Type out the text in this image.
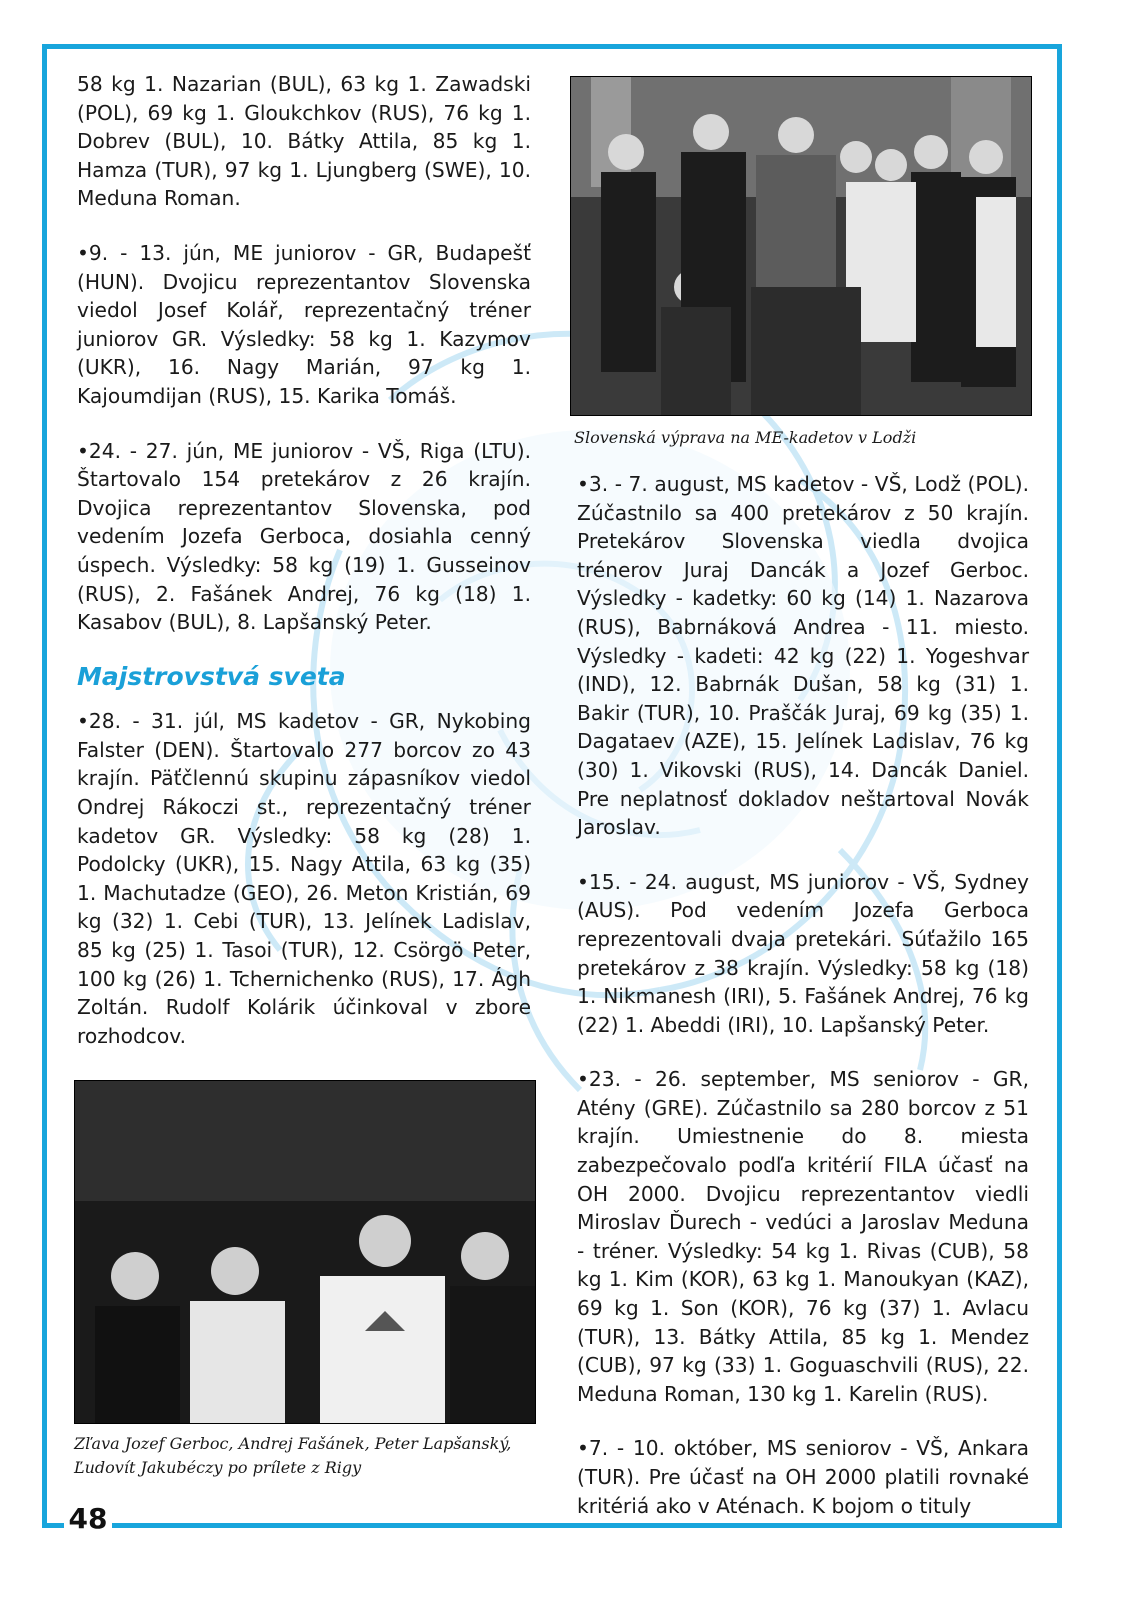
48

58 kg 1. Nazarian (BUL), 63 kg 1. Zawadski (POL), 69 kg 1. Gloukchkov (RUS), 76 kg 1. Dobrev (BUL), 10. Bátky Attila, 85 kg 1. Hamza (TUR), 97 kg 1. Ljungberg (SWE), 10. Meduna Roman.

•9. - 13. jún, ME juniorov - GR, Budapešť (HUN). Dvojicu reprezentantov Slovenska viedol Josef Kolář, reprezentačný tréner juniorov GR. Výsledky: 58 kg 1. Kazymov (UKR), 16. Nagy Marián, 97 kg 1. Kajoumdijan (RUS), 15. Karika Tomáš.

•24. - 27. jún, ME juniorov - VŠ, Riga (LTU). Štartovalo 154 pretekárov z 26 krajín. Dvojica reprezentantov Slovenska, pod vedením Jozefa Gerboca, dosiahla cenný úspech. Výsledky: 58 kg (19) 1. Gusseinov (RUS), 2. Fašánek Andrej, 76 kg (18) 1. Kasabov (BUL), 8. Lapšanský Peter.

Majstrovstvá sveta

•28. - 31. júl, MS kadetov - GR, Nykobing Falster (DEN). Štartovalo 277 borcov zo 43 krajín. Päťčlennú skupinu zápasníkov viedol Ondrej Rákoczi st., reprezentačný tréner kadetov GR. Výsledky: 58 kg (28) 1. Podolcky (UKR), 15. Nagy Attila, 63 kg (35) 1. Machutadze (GEO), 26. Meton Kristián, 69 kg (32) 1. Cebi (TUR), 13. Jelínek Ladislav, 85 kg (25) 1. Tasoi (TUR), 12. Csörgö Peter, 100 kg (26) 1. Tchernichenko (RUS), 17. Ágh Zoltán. Rudolf Kolárik účinkoval v zbore rozhodcov.

•3. - 7. august, MS kadetov - VŠ, Lodž (POL). Zúčastnilo sa 400 pretekárov z 50 krajín. Pretekárov Slovenska viedla dvojica trénerov Juraj Dancák a Jozef Gerboc. Výsledky - kadetky: 60 kg (14) 1. Nazarova (RUS), Babrnáková Andrea - 11. miesto. Výsledky - kadeti: 42 kg (22) 1. Yogeshvar (IND), 12. Babrnák Dušan, 58 kg (31) 1. Bakir (TUR), 10. Praščák Juraj, 69 kg (35) 1. Dagataev (AZE), 15. Jelínek Ladislav, 76 kg (30) 1. Vikovski (RUS), 14. Dancák Daniel. Pre neplatnosť dokladov neštartoval Novák Jaroslav.

•15. - 24. august, MS juniorov - VŠ, Sydney (AUS). Pod vedením Jozefa Gerboca reprezentovali dvaja pretekári. Súťažilo 165 pretekárov z 38 krajín. Výsledky: 58 kg (18) 1. Nikmanesh (IRI), 5. Fašánek Andrej, 76 kg (22) 1. Abeddi (IRI), 10. Lapšanský Peter.

•23. - 26. september, MS seniorov - GR, Atény (GRE). Zúčastnilo sa 280 borcov z 51 krajín. Umiestnenie do 8. miesta zabezpečovalo podľa kritérií FILA účasť na OH 2000. Dvojicu reprezentantov viedli Miroslav Ďurech - vedúci a Jaroslav Meduna - tréner. Výsledky: 54 kg 1. Rivas (CUB), 58 kg 1. Kim (KOR), 63 kg 1. Manoukyan (KAZ), 69 kg 1. Son (KOR), 76 kg (37) 1. Avlacu (TUR), 13. Bátky Attila, 85 kg 1. Mendez (CUB), 97 kg (33) 1. Goguaschvili (RUS), 22. Meduna Roman, 130 kg 1. Karelin (RUS).

•7. - 10. október, MS seniorov - VŠ, Ankara (TUR). Pre účasť na OH 2000 platili rovnaké kritériá ako v Aténach. K bojom o tituly

Slovenská výprava na ME-kadetov v Lodži
Zľava Jozef Gerboc, Andrej Fašánek, Peter Lapšanský, Ľudovít Jakubéczy po prílete z Rigy
